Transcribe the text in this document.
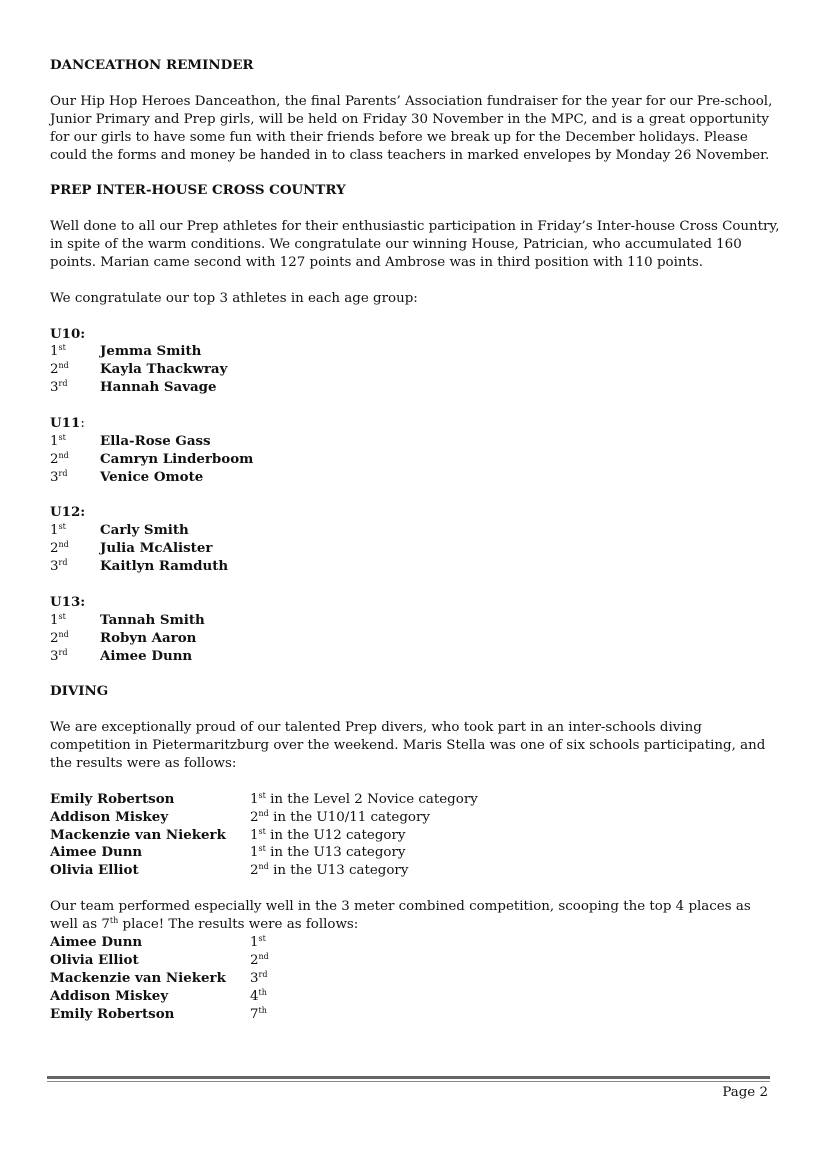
DANCEATHON REMINDER

Our Hip Hop Heroes Danceathon, the final Parents’ Association fundraiser for the year for our Pre-school, Junior Primary and Prep girls, will be held on Friday 30 November in the MPC, and is a great opportunity for our girls to have some fun with their friends before we break up for the December holidays. Please could the forms and money be handed in to class teachers in marked envelopes by Monday 26 November.

PREP INTER-HOUSE CROSS COUNTRY

Well done to all our Prep athletes for their enthusiastic participation in Friday’s Inter-house Cross Country, in spite of the warm conditions. We congratulate our winning House, Patrician, who accumulated 160 points. Marian came second with 127 points and Ambrose was in third position with 110 points.

We congratulate our top 3 athletes in each age group:

U10:
1st	Jemma Smith
2nd	Kayla Thackwray
3rd	Hannah Savage
U11:
1st	Ella-Rose Gass
2nd	Camryn Linderboom
3rd	Venice Omote
U12:
1st	Carly Smith
2nd	Julia McAlister
3rd	Kaitlyn Ramduth
U13:
1st	Tannah Smith
2nd	Robyn Aaron
3rd	Aimee Dunn
DIVING

We are exceptionally proud of our talented Prep divers, who took part in an inter-schools diving competition in Pietermaritzburg over the weekend. Maris Stella was one of six schools participating, and the results were as follows:

Emily Robertson	1st in the Level 2 Novice category
Addison Miskey	2nd in the U10/11 category
Mackenzie van Niekerk	1st in the U12 category
Aimee Dunn	1st in the U13 category
Olivia Elliot	2nd in the U13 category
Our team performed especially well in the 3 meter combined competition, scooping the top 4 places as well as 7th place! The results were as follows:
Aimee Dunn	1st
Olivia Elliot	2nd
Mackenzie van Niekerk	3rd
Addison Miskey	4th
Emily Robertson	7th
Page 2
